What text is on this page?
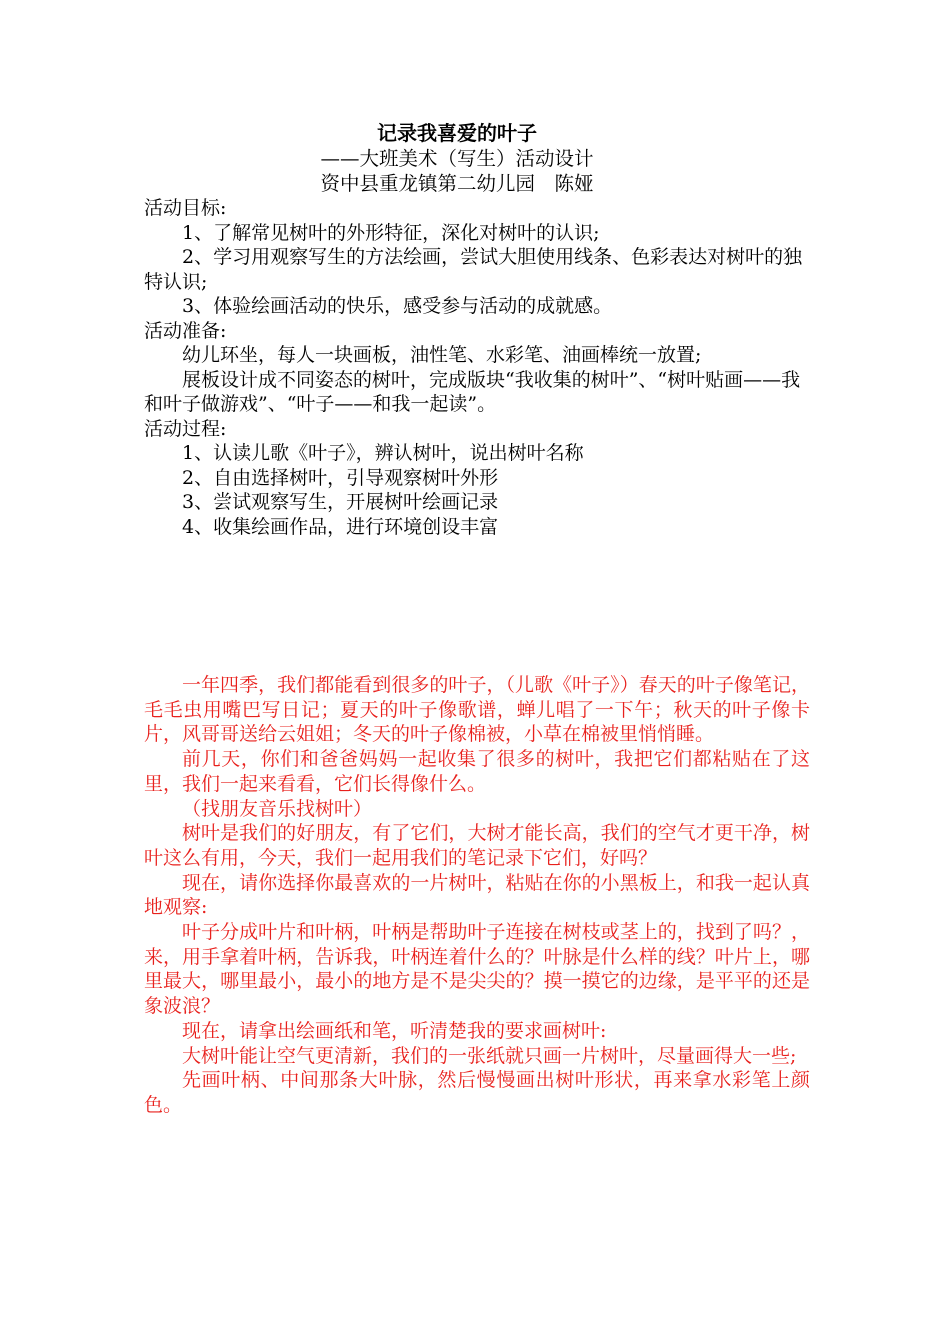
记录我喜爱的叶子
——大班美术（写生）活动设计
资中县重龙镇第二幼儿园　陈娅

活动目标:

1、了解常见树叶的外形特征，深化对树叶的认识;

2、学习用观察写生的方法绘画，尝试大胆使用线条、色彩表达对树叶的独特认识;

3、体验绘画活动的快乐，感受参与活动的成就感。

活动准备:

幼儿环坐，每人一块画板，油性笔、水彩笔、油画棒统一放置;

展板设计成不同姿态的树叶，完成版块“我收集的树叶”、“树叶贴画——我和叶子做游戏”、“叶子——和我一起读”。

活动过程:

1、认读儿歌《叶子》，辨认树叶，说出树叶名称

2、自由选择树叶，引导观察树叶外形

3、尝试观察写生，开展树叶绘画记录

4、收集绘画作品，进行环境创设丰富

一年四季，我们都能看到很多的叶子，（儿歌《叶子》）春天的叶子像笔记，毛毛虫用嘴巴写日记；夏天的叶子像歌谱，蝉儿唱了一下午；秋天的叶子像卡片，风哥哥送给云姐姐；冬天的叶子像棉被，小草在棉被里悄悄睡。

前几天，你们和爸爸妈妈一起收集了很多的树叶，我把它们都粘贴在了这里，我们一起来看看，它们长得像什么。

（找朋友音乐找树叶）

树叶是我们的好朋友，有了它们，大树才能长高，我们的空气才更干净，树叶这么有用，今天，我们一起用我们的笔记录下它们，好吗？

现在，请你选择你最喜欢的一片树叶，粘贴在你的小黑板上，和我一起认真地观察:

叶子分成叶片和叶柄，叶柄是帮助叶子连接在树枝或茎上的，找到了吗？，来，用手拿着叶柄，告诉我，叶柄连着什么的？叶脉是什么样的线？叶片上，哪里最大，哪里最小，最小的地方是不是尖尖的？摸一摸它的边缘，是平平的还是象波浪？

现在，请拿出绘画纸和笔，听清楚我的要求画树叶:

大树叶能让空气更清新，我们的一张纸就只画一片树叶，尽量画得大一些;

先画叶柄、中间那条大叶脉，然后慢慢画出树叶形状，再来拿水彩笔上颜色。
